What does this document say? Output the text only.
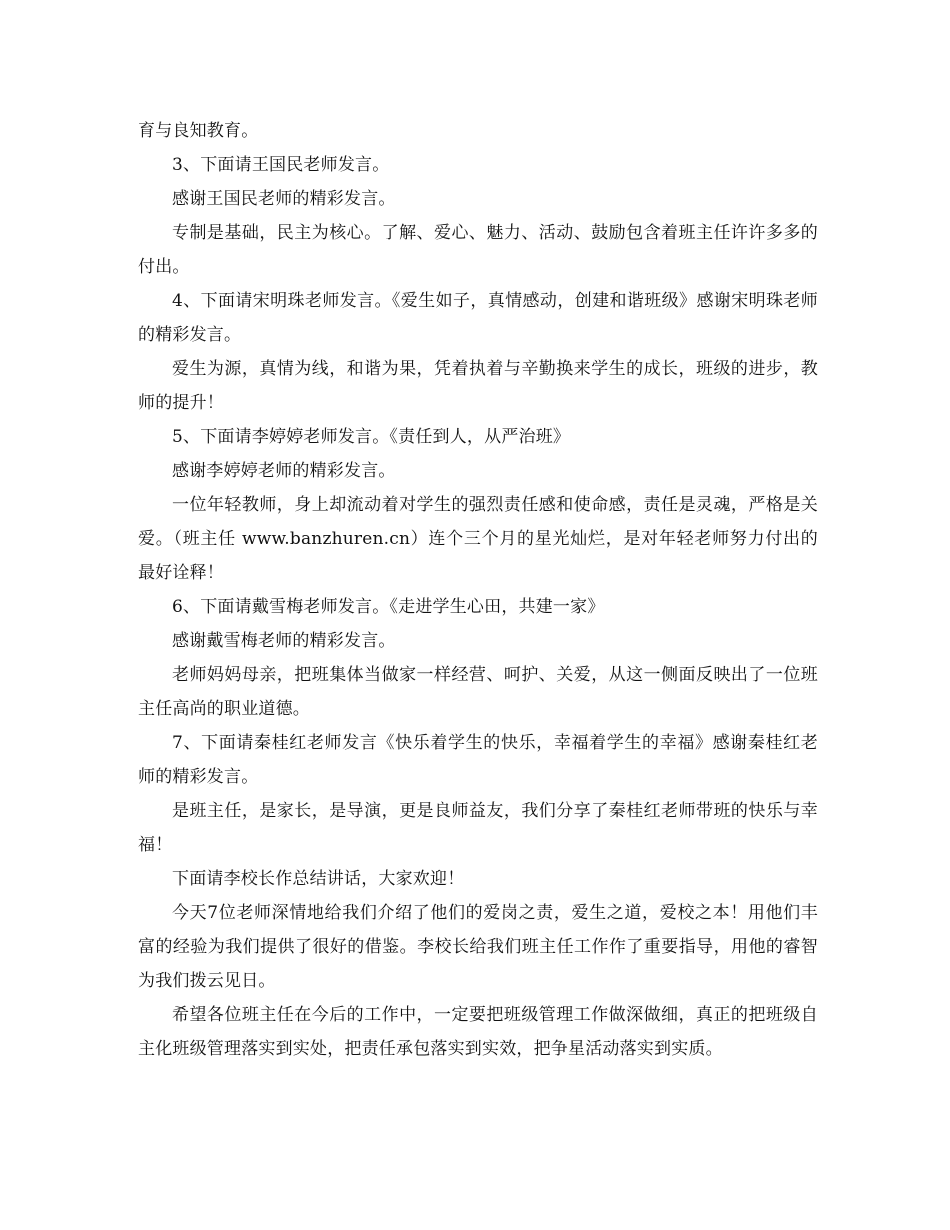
育与良知教育。

3、下面请王国民老师发言。

感谢王国民老师的精彩发言。

专制是基础，民主为核心。了解、爱心、魅力、活动、鼓励包含着班主任许许多多的付出。

4、下面请宋明珠老师发言。《爱生如子，真情感动，创建和谐班级》感谢宋明珠老师的精彩发言。

爱生为源，真情为线，和谐为果，凭着执着与辛勤换来学生的成长，班级的进步，教师的提升！

5、下面请李婷婷老师发言。《责任到人，从严治班》

感谢李婷婷老师的精彩发言。

一位年轻教师，身上却流动着对学生的强烈责任感和使命感，责任是灵魂，严格是关爱。（班主任 www.banzhuren.cn）连个三个月的星光灿烂，是对年轻老师努力付出的最好诠释！

6、下面请戴雪梅老师发言。《走进学生心田，共建一家》

感谢戴雪梅老师的精彩发言。

老师妈妈母亲，把班集体当做家一样经营、呵护、关爱，从这一侧面反映出了一位班主任高尚的职业道德。

7、下面请秦桂红老师发言《快乐着学生的快乐，幸福着学生的幸福》感谢秦桂红老师的精彩发言。

是班主任，是家长，是导演，更是良师益友，我们分享了秦桂红老师带班的快乐与幸福！

下面请李校长作总结讲话，大家欢迎！

今天7位老师深情地给我们介绍了他们的爱岗之责，爱生之道，爱校之本！用他们丰富的经验为我们提供了很好的借鉴。李校长给我们班主任工作作了重要指导，用他的睿智为我们拨云见日。

希望各位班主任在今后的工作中，一定要把班级管理工作做深做细，真正的把班级自主化班级管理落实到实处，把责任承包落实到实效，把争星活动落实到实质。
